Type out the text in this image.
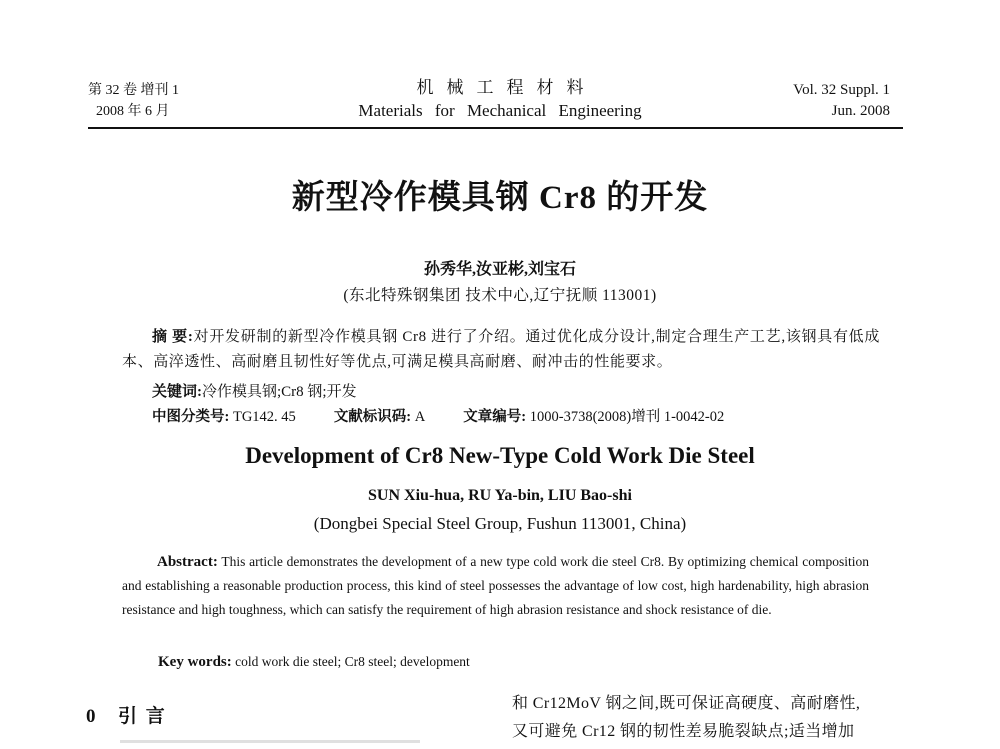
第 32 卷 增刊 1
2008 年 6 月
机械工程材料
Materials for Mechanical Engineering
Vol. 32 Suppl. 1
Jun. 2008
新型冷作模具钢 Cr8 的开发
孙秀华,汝亚彬,刘宝石
(东北特殊钢集团 技术中心,辽宁抚顺 113001)
摘 要:对开发研制的新型冷作模具钢 Cr8 进行了介绍。通过优化成分设计,制定合理生产工艺,该钢具有低成本、高淬透性、高耐磨且韧性好等优点,可满足模具高耐磨、耐冲击的性能要求。
关键词:冷作模具钢;Cr8 钢;开发
中图分类号: TG142. 45	文献标识码: A	文章编号: 1000-3738(2008)增刊 1-0042-02
Development of Cr8 New-Type Cold Work Die Steel
SUN Xiu-hua, RU Ya-bin, LIU Bao-shi
(Dongbei Special Steel Group, Fushun 113001, China)
Abstract: This article demonstrates the development of a new type cold work die steel Cr8. By optimizing chemical composition and establishing a reasonable production process, this kind of steel possesses the advantage of low cost, high hardenability, high abrasion resistance and high toughness, which can satisfy the requirement of high abrasion resistance and shock resistance of die.
Key words: cold work die steel; Cr8 steel; development
0 引 言
和 Cr12MoV 钢之间,既可保证高硬度、高耐磨性,
又可避免 Cr12 钢的韧性差易脆裂缺点;适当增加
